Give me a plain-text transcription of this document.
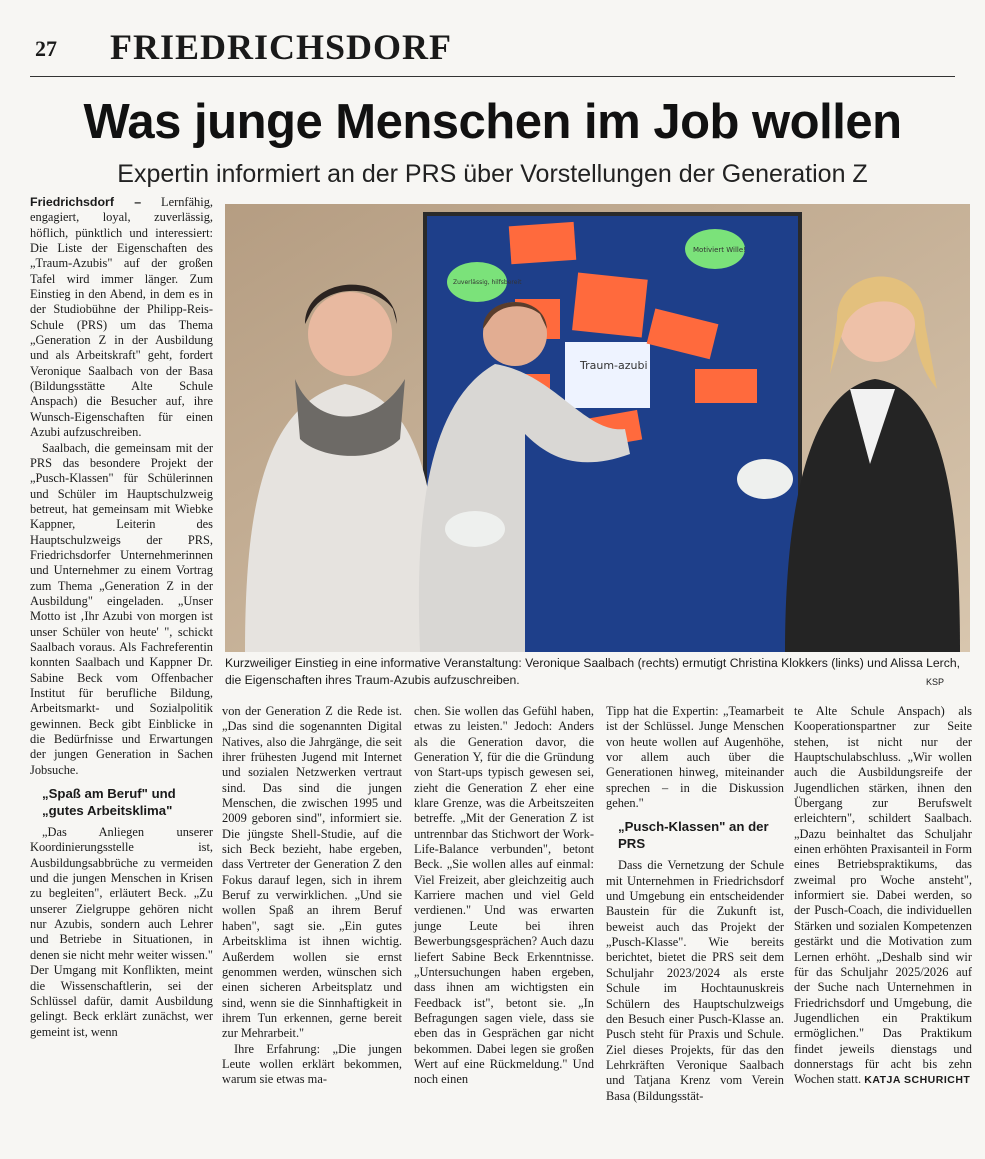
27 FRIEDRICHSDORF
Was junge Menschen im Job wollen
Expertin informiert an der PRS über Vorstellungen der Generation Z

Friedrichsdorf – Lernfähig, engagiert, loyal, zuverlässig, höflich, pünktlich und interessiert: Die Liste der Eigenschaften des „Traum-Azubis" auf der großen Tafel wird immer länger. Zum Einstieg in den Abend, in dem es in der Studiobühne der Philipp-Reis-Schule (PRS) um das Thema „Generation Z in der Ausbildung und als Arbeitskraft" geht, fordert Veronique Saalbach von der Basa (Bildungsstätte Alte Schule Anspach) die Besucher auf, ihre Wunsch-Eigenschaften für einen Azubi aufzuschreiben.

Saalbach, die gemeinsam mit der PRS das besondere Projekt der „Pusch-Klassen" für Schülerinnen und Schüler im Hauptschulzweig betreut, hat gemeinsam mit Wiebke Kappner, Leiterin des Hauptschulzweigs der PRS, Friedrichsdorfer Unternehmerinnen und Unternehmer zu einem Vortrag zum Thema „Generation Z in der Ausbildung" eingeladen. „Unser Motto ist ‚Ihr Azubi von morgen ist unser Schüler von heute' ", schickt Saalbach voraus. Als Fachreferentin konnten Saalbach und Kappner Dr. Sabine Beck vom Offenbacher Institut für berufliche Bildung, Arbeitsmarkt- und Sozialpolitik gewinnen. Beck gibt Einblicke in die Bedürfnisse und Erwartungen der jungen Generation in Sachen Jobsuche.

„Spaß am Beruf" und „gutes Arbeitsklima"

„Das Anliegen unserer Koordinierungsstelle ist, Ausbildungsabbrüche zu vermeiden und die jungen Menschen in Krisen zu begleiten", erläutert Beck. „Zu unserer Zielgruppe gehören nicht nur Azubis, sondern auch Lehrer und Betriebe in Situationen, in denen sie nicht mehr weiter wissen." Der Umgang mit Konflikten, meint die Wissenschaftlerin, sei der Schlüssel dafür, damit Ausbildung gelingt. Beck erklärt zunächst, wer gemeint ist, wenn

Traum-azubi
Motiviert Wille!
Zuverlässig, hilfsbereit
Kurzweiliger Einstieg in eine informative Veranstaltung: Veronique Saalbach (rechts) ermutigt Christina Klokkers (links) und Alissa Lerch, die Eigenschaften ihres Traum-Azubis aufzuschreiben.	KSP

von der Generation Z die Rede ist. „Das sind die sogenannten Digital Natives, also die Jahrgänge, die seit ihrer frühesten Jugend mit Internet und sozialen Netzwerken vertraut sind. Das sind die jungen Menschen, die zwischen 1995 und 2009 geboren sind", informiert sie. Die jüngste Shell-Studie, auf die sich Beck bezieht, habe ergeben, dass Vertreter der Generation Z den Fokus darauf legen, sich in ihrem Beruf zu verwirklichen. „Und sie wollen Spaß an ihrem Beruf haben", sagt sie. „Ein gutes Arbeitsklima ist ihnen wichtig. Außerdem wollen sie ernst genommen werden, wünschen sich einen sicheren Arbeitsplatz und sind, wenn sie die Sinnhaftigkeit in ihrem Tun erkennen, gerne bereit zur Mehrarbeit."

Ihre Erfahrung: „Die jungen Leute wollen erklärt bekommen, warum sie etwas ma-

chen. Sie wollen das Gefühl haben, etwas zu leisten." Jedoch: Anders als die Generation davor, die Generation Y, für die die Gründung von Start-ups typisch gewesen sei, zieht die Generation Z eher eine klare Grenze, was die Arbeitszeiten betreffe. „Mit der Generation Z ist untrennbar das Stichwort der Work-Life-Balance verbunden", betont Beck. „Sie wollen alles auf einmal: Viel Freizeit, aber gleichzeitig auch Karriere machen und viel Geld verdienen." Und was erwarten junge Leute bei ihren Bewerbungsgesprächen? Auch dazu liefert Sabine Beck Erkenntnisse. „Untersuchungen haben ergeben, dass ihnen am wichtigsten ein Feedback ist", betont sie. „In Befragungen sagen viele, dass sie eben das in Gesprächen gar nicht bekommen. Dabei legen sie großen Wert auf eine Rückmeldung." Und noch einen

Tipp hat die Expertin: „Teamarbeit ist der Schlüssel. Junge Menschen von heute wollen auf Augenhöhe, vor allem auch über die Generationen hinweg, miteinander sprechen – in die Diskussion gehen."

„Pusch-Klassen" an der PRS

Dass die Vernetzung der Schule mit Unternehmen in Friedrichsdorf und Umgebung ein entscheidender Baustein für die Zukunft ist, beweist auch das Projekt der „Pusch-Klasse". Wie bereits berichtet, bietet die PRS seit dem Schuljahr 2023/2024 als erste Schule im Hochtaunuskreis Schülern des Hauptschulzweigs den Besuch einer Pusch-Klasse an. Pusch steht für Praxis und Schule. Ziel dieses Projekts, für das den Lehrkräften Veronique Saalbach und Tatjana Krenz vom Verein Basa (Bildungsstät-

te Alte Schule Anspach) als Kooperationspartner zur Seite stehen, ist nicht nur der Hauptschulabschluss. „Wir wollen auch die Ausbildungsreife der Jugendlichen stärken, ihnen den Übergang zur Berufswelt erleichtern", schildert Saalbach. „Dazu beinhaltet das Schuljahr einen erhöhten Praxisanteil in Form eines Betriebspraktikums, das zweimal pro Woche ansteht", informiert sie. Dabei werden, so der Pusch-Coach, die individuellen Stärken und sozialen Kompetenzen gestärkt und die Motivation zum Lernen erhöht. „Deshalb sind wir für das Schuljahr 2025/2026 auf der Suche nach Unternehmen in Friedrichsdorf und Umgebung, die Jugendlichen ein Praktikum ermöglichen." Das Praktikum findet jeweils dienstags und donnerstags für acht bis zehn Wochen statt. KATJA SCHURICHT
